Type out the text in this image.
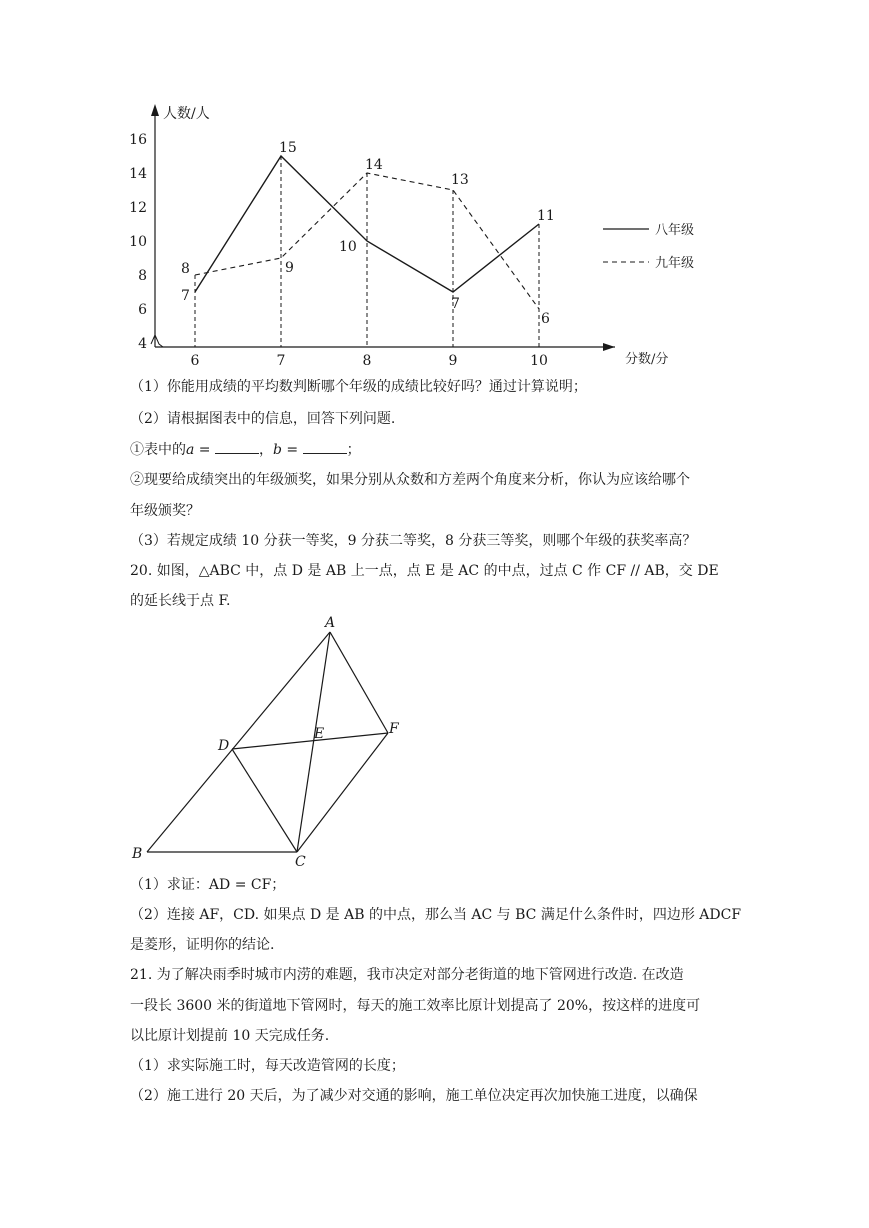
人数/人
分数/分
4
6
8
10
12
14
16
6	7	8	9	10
7
15
10
7
11
8	9
14
13
6
八年级
九年级
（1）你能用成绩的平均数判断哪个年级的成绩比较好吗？通过计算说明；
（2）请根据图表中的信息，回答下列问题.
①表中的a =	，b =	；
②现要给成绩突出的年级颁奖，如果分别从众数和方差两个角度来分析，你认为应该给哪个
年级颁奖？
（3）若规定成绩 10 分获一等奖，9 分获二等奖，8 分获三等奖，则哪个年级的获奖率高？
20. 如图，△ABC 中，点 D 是 AB 上一点，点 E 是 AC 的中点，过点 C 作 CF // AB，交 DE
的延长线于点 F.
A
B	C
D
E	F
（1）求证：AD = CF；
（2）连接 AF，CD. 如果点 D 是 AB 的中点，那么当 AC 与 BC 满足什么条件时，四边形 ADCF
是菱形，证明你的结论.
21. 为了解决雨季时城市内涝的难题，我市决定对部分老街道的地下管网进行改造. 在改造
一段长 3600 米的街道地下管网时，每天的施工效率比原计划提高了 20%，按这样的进度可
以比原计划提前 10 天完成任务.
（1）求实际施工时，每天改造管网的长度；
（2）施工进行 20 天后，为了减少对交通的影响，施工单位决定再次加快施工进度，以确保
